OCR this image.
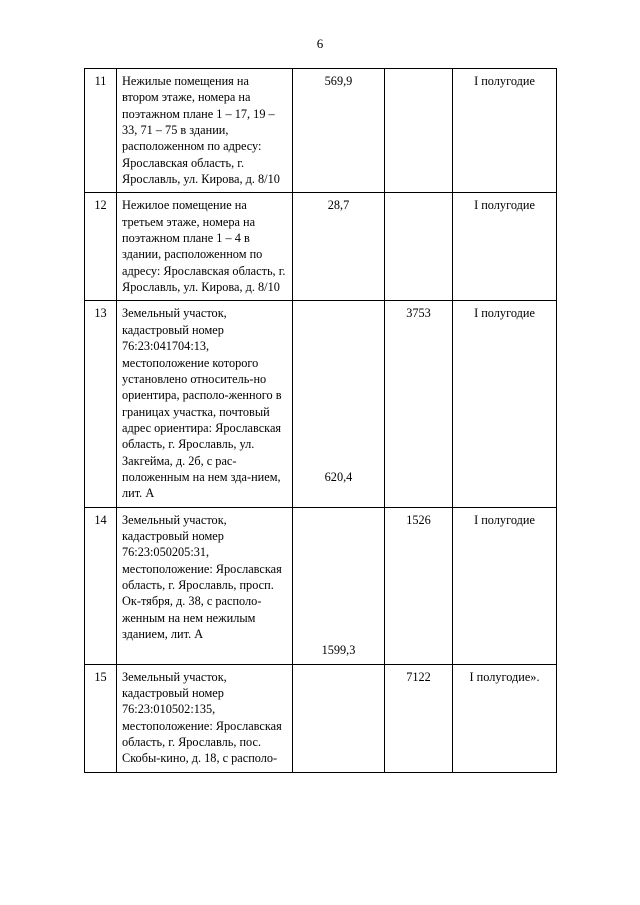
6
11	Нежилые помещения на втором этаже, номера на поэтажном плане 1 – 17, 19 – 33, 71 – 75 в здании, расположенном по адресу: Ярославская область, г. Ярославль, ул. Кирова, д. 8/10	569,9		I полугодие
12	Нежилое помещение на третьем этаже, номера на поэтажном плане 1 – 4 в здании, расположенном по адресу: Ярославская область, г. Ярославль, ул. Кирова, д. 8/10	28,7		I полугодие
13	Земельный участок, кадастровый номер 76:23:041704:13, местоположение которого установлено относитель-но ориентира, располо-женного в границах участка, почтовый адрес ориентира: Ярославская область, г. Ярославль, ул. Закгейма, д. 2б, с рас-положенным на нем зда-нием, лит. А	620,4	3753	I полугодие
14	Земельный участок, кадастровый номер 76:23:050205:31, местоположение: Ярославская область, г. Ярославль, просп. Ок-тября, д. 38, с располо-женным на нем нежилым зданием, лит. А	1599,3	1526	I полугодие
15	Земельный участок, кадастровый номер 76:23:010502:135, местоположение: Ярославская область, г. Ярославль, пос. Скобы-кино, д. 18, с располо-		7122	I полугодие».
